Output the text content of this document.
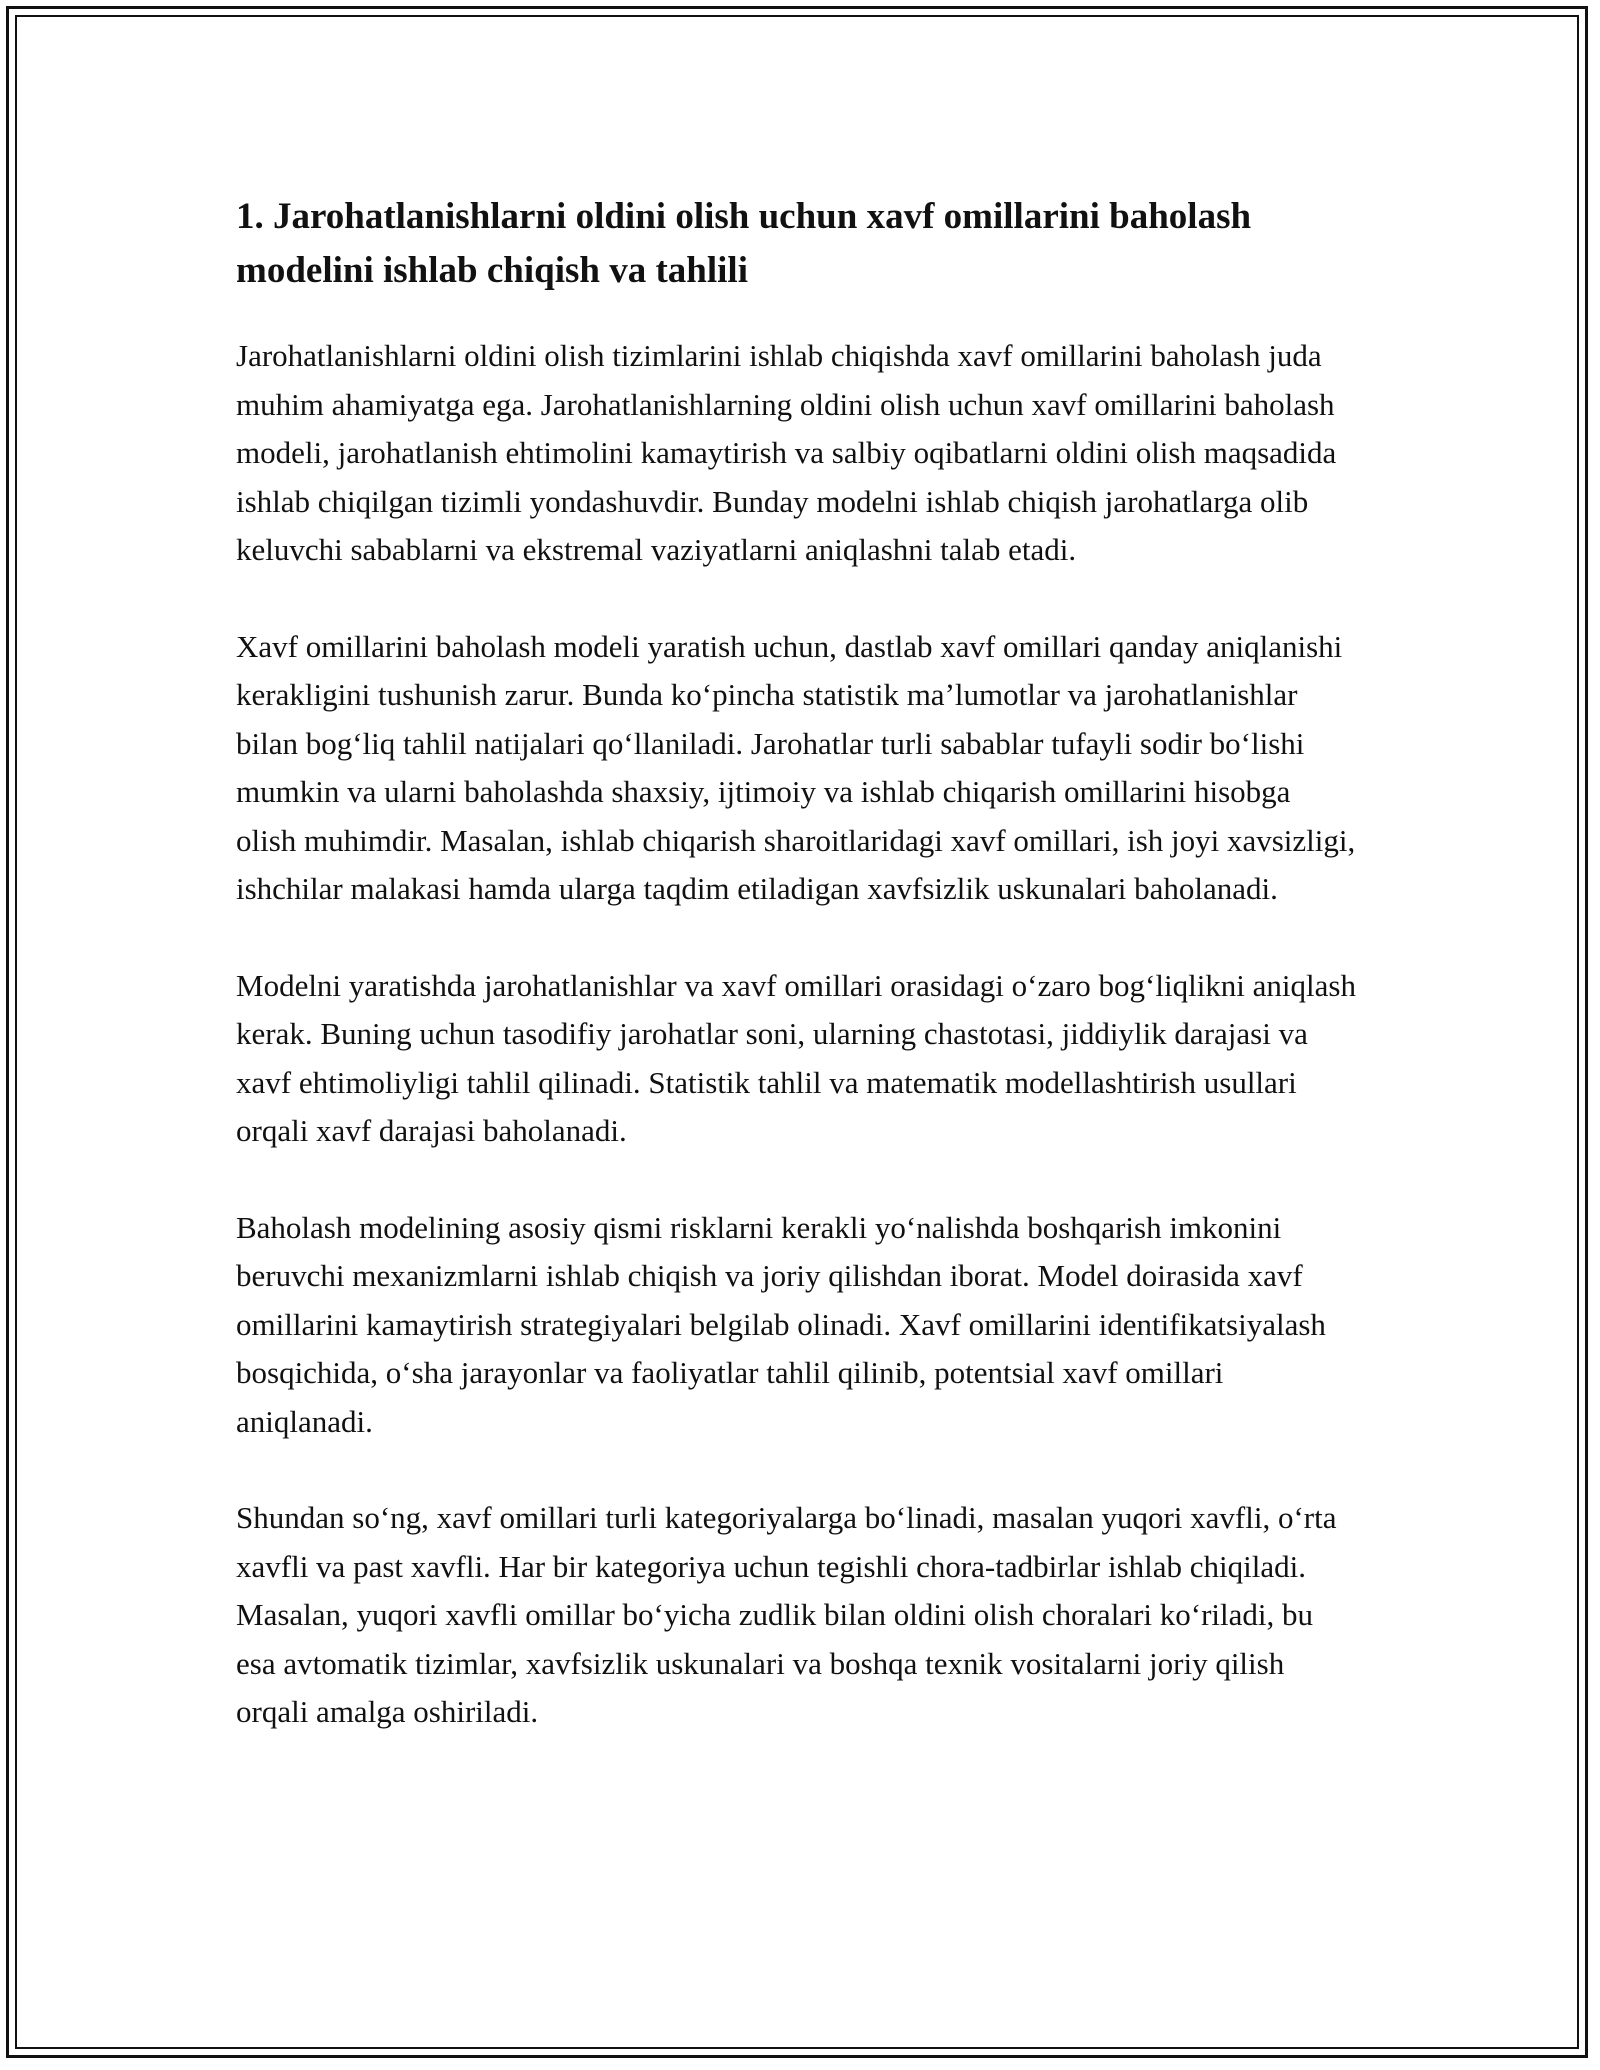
1. Jarohatlanishlarni oldini olish uchun xavf omillarini baholash modelini ishlab chiqish va tahlili

Jarohatlanishlarni oldini olish tizimlarini ishlab chiqishda xavf omillarini baholash juda muhim ahamiyatga ega. Jarohatlanishlarning oldini olish uchun xavf omillarini baholash modeli, jarohatlanish ehtimolini kamaytirish va salbiy oqibatlarni oldini olish maqsadida ishlab chiqilgan tizimli yondashuvdir. Bunday modelni ishlab chiqish jarohatlarga olib keluvchi sabablarni va ekstremal vaziyatlarni aniqlashni talab etadi.

Xavf omillarini baholash modeli yaratish uchun, dastlab xavf omillari qanday aniqlanishi kerakligini tushunish zarur. Bunda koʻpincha statistik maʼlumotlar va jarohatlanishlar bilan bogʻliq tahlil natijalari qoʻllaniladi. Jarohatlar turli sabablar tufayli sodir boʻlishi mumkin va ularni baholashda shaxsiy, ijtimoiy va ishlab chiqarish omillarini hisobga olish muhimdir. Masalan, ishlab chiqarish sharoitlaridagi xavf omillari, ish joyi xavsizligi, ishchilar malakasi hamda ularga taqdim etiladigan xavfsizlik uskunalari baholanadi.

Modelni yaratishda jarohatlanishlar va xavf omillari orasidagi oʻzaro bogʻliqlikni aniqlash kerak. Buning uchun tasodifiy jarohatlar soni, ularning chastotasi, jiddiylik darajasi va xavf ehtimoliyligi tahlil qilinadi. Statistik tahlil va matematik modellashtirish usullari orqali xavf darajasi baholanadi.

Baholash modelining asosiy qismi risklarni kerakli yoʻnalishda boshqarish imkonini beruvchi mexanizmlarni ishlab chiqish va joriy qilishdan iborat. Model doirasida xavf omillarini kamaytirish strategiyalari belgilab olinadi. Xavf omillarini identifikatsiyalash bosqichida, oʻsha jarayonlar va faoliyatlar tahlil qilinib, potentsial xavf omillari aniqlanadi.

Shundan soʻng, xavf omillari turli kategoriyalarga boʻlinadi, masalan yuqori xavfli, oʻrta xavfli va past xavfli. Har bir kategoriya uchun tegishli chora-tadbirlar ishlab chiqiladi. Masalan, yuqori xavfli omillar boʻyicha zudlik bilan oldini olish choralari koʻriladi, bu esa avtomatik tizimlar, xavfsizlik uskunalari va boshqa texnik vositalarni joriy qilish orqali amalga oshiriladi.
